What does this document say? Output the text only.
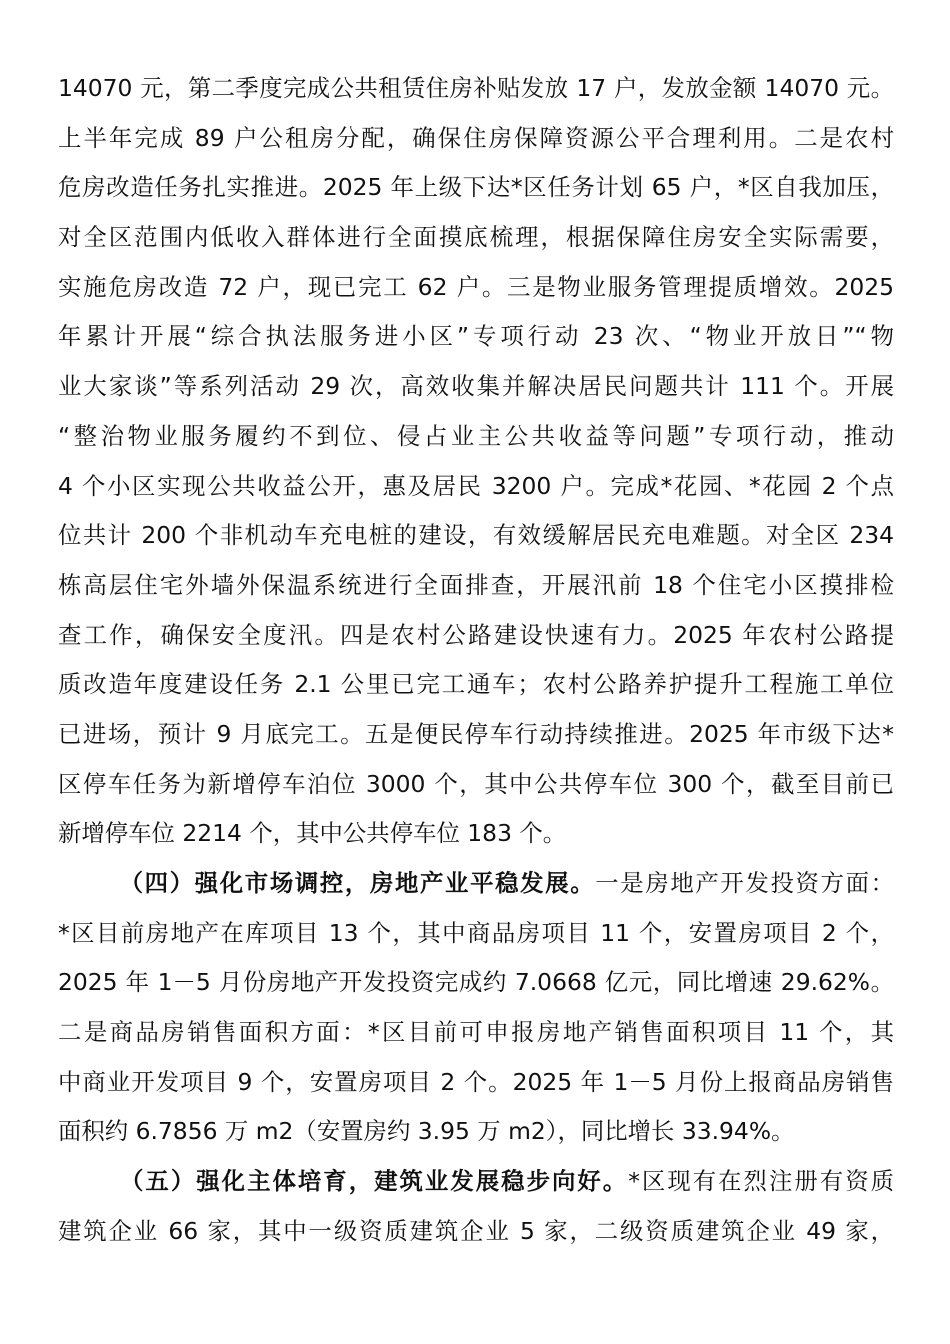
14070 元，第二季度完成公共租赁住房补贴发放 17 户，发放金额 14070 元。
上半年完成 89 户公租房分配，确保住房保障资源公平合理利用。二是农村
危房改造任务扎实推进。2025 年上级下达*区任务计划 65 户，*区自我加压，
对全区范围内低收入群体进行全面摸底梳理，根据保障住房安全实际需要，
实施危房改造 72 户，现已完工 62 户。三是物业服务管理提质增效。2025
年累计开展“综合执法服务进小区”专项行动 23 次、“物业开放日”“物
业大家谈”等系列活动 29 次，高效收集并解决居民问题共计 111 个。开展
“整治物业服务履约不到位、侵占业主公共收益等问题”专项行动，推动
4 个小区实现公共收益公开，惠及居民 3200 户。完成*花园、*花园 2 个点
位共计 200 个非机动车充电桩的建设，有效缓解居民充电难题。对全区 234
栋高层住宅外墙外保温系统进行全面排查，开展汛前 18 个住宅小区摸排检
查工作，确保安全度汛。四是农村公路建设快速有力。2025 年农村公路提
质改造年度建设任务 2.1 公里已完工通车；农村公路养护提升工程施工单位
已进场，预计 9 月底完工。五是便民停车行动持续推进。2025 年市级下达*
区停车任务为新增停车泊位 3000 个，其中公共停车位 300 个，截至目前已
新增停车位 2214 个，其中公共停车位 183 个。
（四）强化市场调控，房地产业平稳发展。一是房地产开发投资方面：
*区目前房地产在库项目 13 个，其中商品房项目 11 个，安置房项目 2 个，
2025 年 1－5 月份房地产开发投资完成约 7.0668 亿元，同比增速 29.62%。
二是商品房销售面积方面：*区目前可申报房地产销售面积项目 11 个，其
中商业开发项目 9 个，安置房项目 2 个。2025 年 1－5 月份上报商品房销售
面积约 6.7856 万 m2（安置房约 3.95 万 m2），同比增长 33.94%。
（五）强化主体培育，建筑业发展稳步向好。*区现有在烈注册有资质
建筑企业 66 家，其中一级资质建筑企业 5 家，二级资质建筑企业 49 家，
